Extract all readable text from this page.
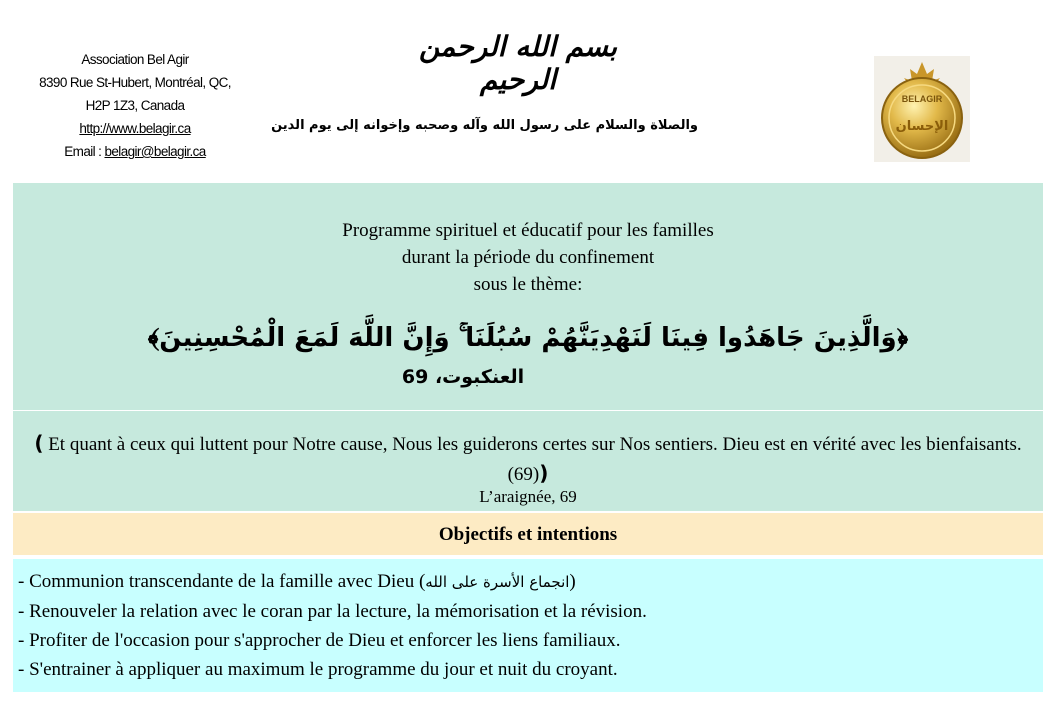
Association Bel Agir
8390 Rue St-Hubert, Montréal, QC,
H2P 1Z3, Canada
http://www.belagir.ca
Email : belagir@belagir.ca
بسم الله الرحمن الرحيم
والصلاة والسلام على رسول الله وآله وصحبه وإخوانه إلى يوم الدين
BELAGIR
الإحسان
Programme spirituel et éducatif pour les familles
durant la période du confinement
sous le thème:
﴿وَالَّذِينَ جَاهَدُوا فِينَا لَنَهْدِيَنَّهُمْ سُبُلَنَا ۚ وَإِنَّ اللَّهَ لَمَعَ الْمُحْسِنِينَ﴾
العنكبوت، 69
( Et quant à ceux qui luttent pour Notre cause, Nous les guiderons certes sur Nos sentiers. Dieu est en vérité avec les bienfaisants. (69))
L’araignée, 69
Objectifs et intentions
- Communion transcendante de la famille avec Dieu (انجماع الأسرة على الله)
- Renouveler la relation avec le coran par la lecture, la mémorisation et la révision.
- Profiter de l'occasion pour s'approcher de Dieu et enforcer les liens familiaux.
- S'entrainer à appliquer au maximum le programme du jour et nuit du croyant.
